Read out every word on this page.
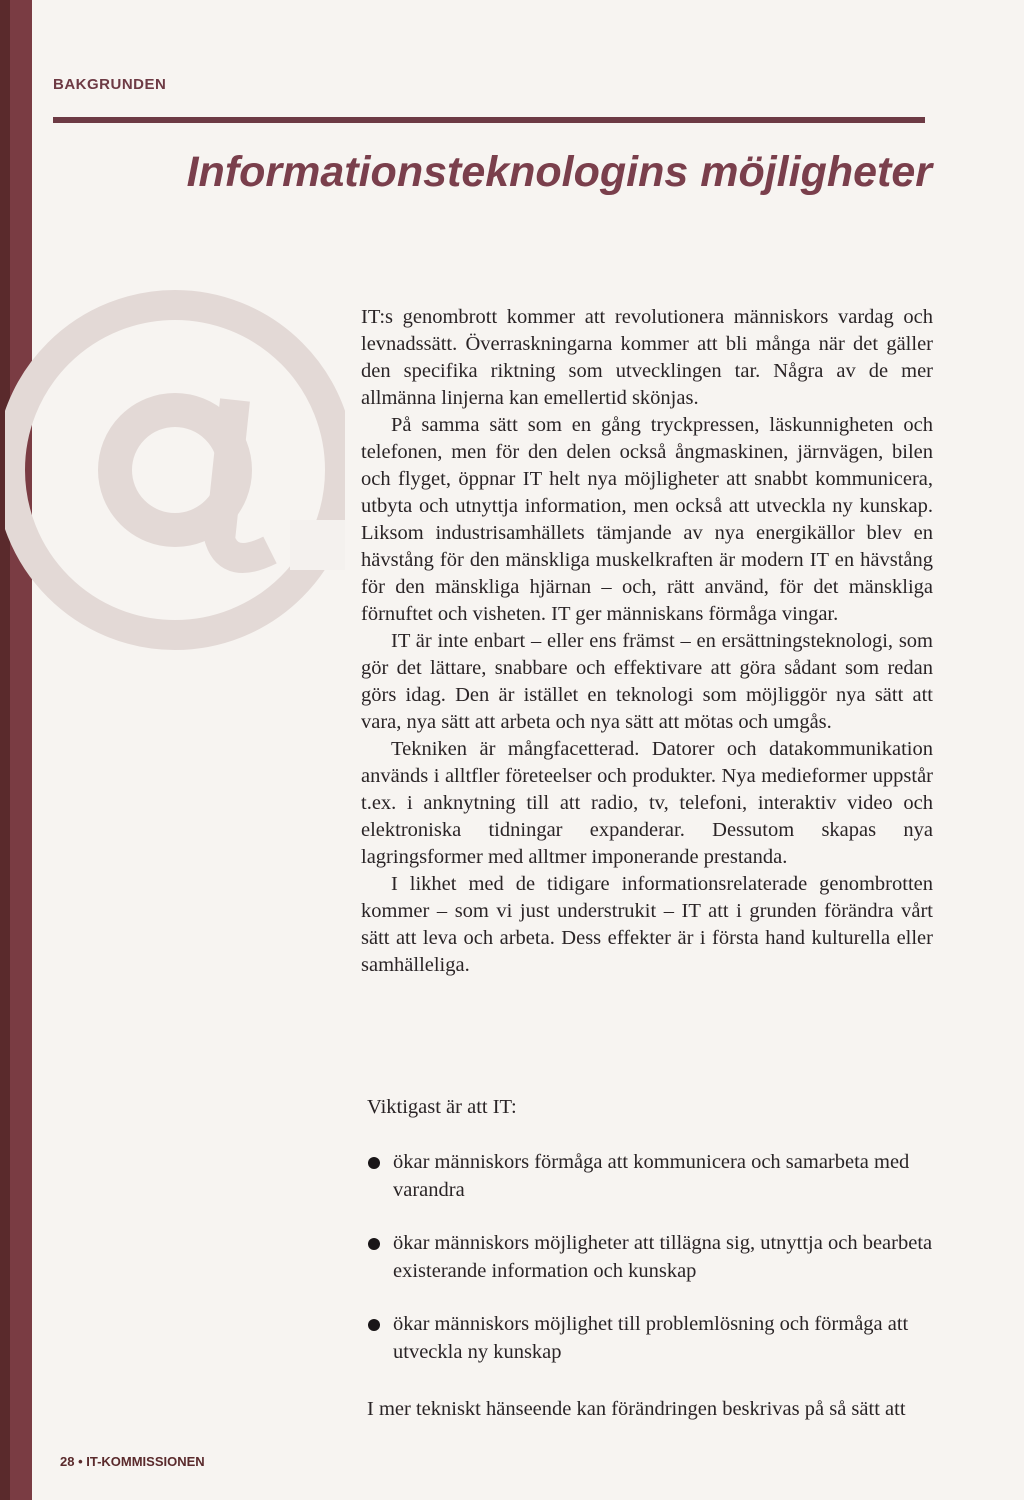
BAKGRUNDEN
Informationsteknologins möjligheter

IT:s genombrott kommer att revolutionera människors vardag och levnadssätt. Överraskningarna kommer att bli många när det gäller den specifika riktning som utvecklingen tar. Några av de mer allmänna linjerna kan emellertid skönjas.

På samma sätt som en gång tryckpressen, läskunnigheten och telefonen, men för den delen också ångmaskinen, järnvägen, bilen och flyget, öppnar IT helt nya möjligheter att snabbt kommunicera, utbyta och utnyttja information, men också att utveckla ny kunskap. Liksom industrisamhällets tämjande av nya energikällor blev en hävstång för den mänskliga muskelkraften är modern IT en hävstång för den mänskliga hjärnan – och, rätt använd, för det mänskliga förnuftet och visheten. IT ger människans förmåga vingar.

IT är inte enbart – eller ens främst – en ersättningsteknologi, som gör det lättare, snabbare och effektivare att göra sådant som redan görs idag. Den är istället en teknologi som möjliggör nya sätt att vara, nya sätt att arbeta och nya sätt att mötas och umgås.

Tekniken är mångfacetterad. Datorer och datakommunikation används i alltfler företeelser och produkter. Nya medieformer uppstår t.ex. i anknytning till att radio, tv, telefoni, interaktiv video och elektroniska tidningar expanderar. Dessutom skapas nya lagringsformer med alltmer imponerande prestanda.

I likhet med de tidigare informationsrelaterade genombrotten kommer – som vi just understrukit – IT att i grunden förändra vårt sätt att leva och arbeta. Dess effekter är i första hand kulturella eller samhälleliga.

Viktigast är att IT:
ökar människors förmåga att kommunicera och samarbeta med varandra
ökar människors möjligheter att tillägna sig, utnyttja och bearbeta existerande information och kunskap
ökar människors möjlighet till problemlösning och förmåga att utveckla ny kunskap
I mer tekniskt hänseende kan förändringen beskrivas på så sätt att
28 • IT-KOMMISSIONEN
